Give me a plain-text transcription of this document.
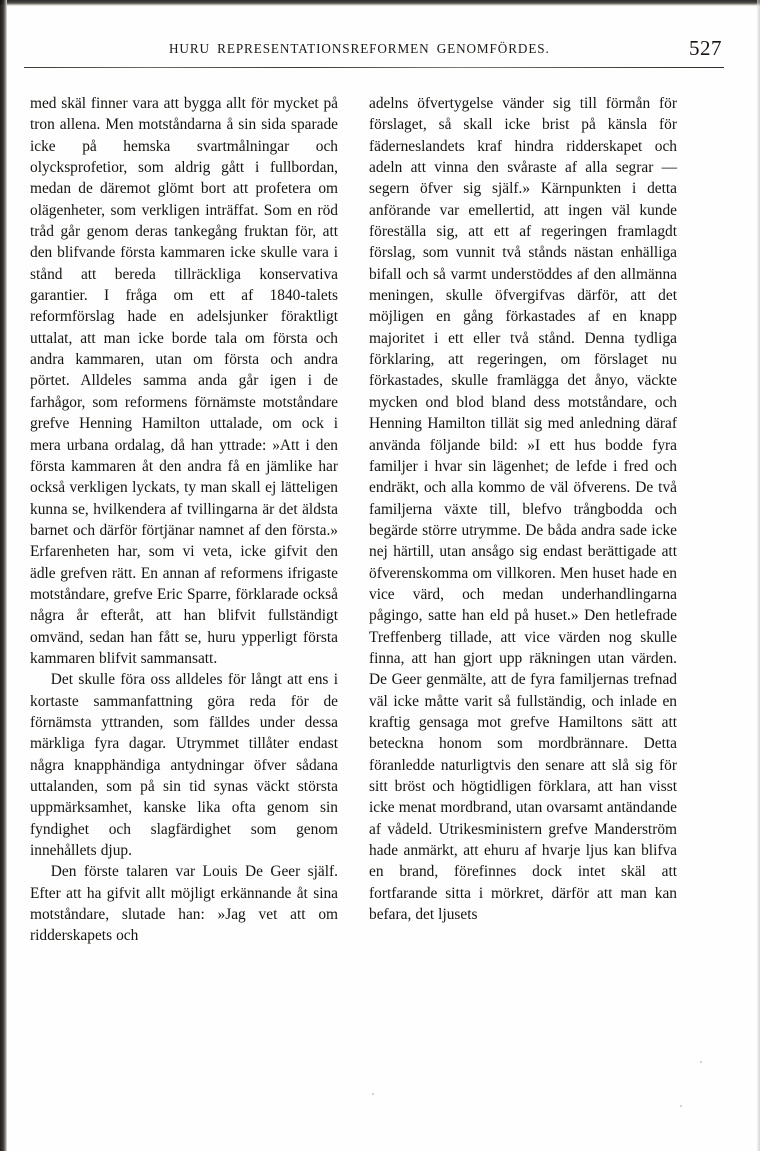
HURU REPRESENTATIONSREFORMEN GENOMFÖRDES.	527

med skäl finner vara att bygga allt för mycket på tron allena. Men motståndarna å sin sida sparade icke på hemska svartmålningar och olycksprofetior, som aldrig gått i fullbordan, medan de däremot glömt bort att profetera om olägenheter, som verkligen inträffat. Som en röd tråd går genom deras tankegång fruktan för, att den blifvande första kammaren icke skulle vara i stånd att bereda tillräckliga konservativa garantier. I fråga om ett af 1840-talets reformförslag hade en adelsjunker föraktligt uttalat, att man icke borde tala om första och andra kammaren, utan om första och andra pörtet. Alldeles samma anda går igen i de farhågor, som reformens förnämste motståndare grefve Henning Hamilton uttalade, om ock i mera urbana ordalag, då han yttrade: »Att i den första kammaren åt den andra få en jämlike har också verkligen lyckats, ty man skall ej lätteligen kunna se, hvilkendera af tvillingarna är det äldsta barnet och därför förtjänar namnet af den första.» Erfarenheten har, som vi veta, icke gifvit den ädle grefven rätt. En annan af reformens ifrigaste motståndare, grefve Eric Sparre, förklarade också några år efteråt, att han blifvit fullständigt omvänd, sedan han fått se, huru ypperligt första kammaren blifvit sammansatt.

Det skulle föra oss alldeles för långt att ens i kortaste sammanfattning göra reda för de förnämsta yttranden, som fälldes under dessa märkliga fyra dagar. Utrymmet tillåter endast några knapphändiga antydningar öfver sådana uttalanden, som på sin tid synas väckt största uppmärksamhet, kanske lika ofta genom sin fyndighet och slagfärdighet som genom innehållets djup.

Den förste talaren var Louis De Geer själf. Efter att ha gifvit allt möjligt erkännande åt sina motståndare, slutade han: »Jag vet att om ridderskapets och

adelns öfvertygelse vänder sig till förmån för förslaget, så skall icke brist på känsla för fäderneslandets kraf hindra ridderskapet och adeln att vinna den svåraste af alla segrar — segern öfver sig själf.» Kärnpunkten i detta anförande var emellertid, att ingen väl kunde föreställa sig, att ett af regeringen framlagdt förslag, som vunnit två stånds nästan enhälliga bifall och så varmt understöddes af den allmänna meningen, skulle öfvergifvas därför, att det möjligen en gång förkastades af en knapp majoritet i ett eller två stånd. Denna tydliga förklaring, att regeringen, om förslaget nu förkastades, skulle framlägga det ånyo, väckte mycken ond blod bland dess motståndare, och Henning Hamilton tillät sig med anledning däraf använda följande bild: »I ett hus bodde fyra familjer i hvar sin lägenhet; de lefde i fred och endräkt, och alla kommo de väl öfverens. De två familjerna växte till, blefvo trångbodda och begärde större utrymme. De båda andra sade icke nej härtill, utan ansågo sig endast berättigade att öfverenskomma om villkoren. Men huset hade en vice värd, och medan underhandlingarna pågingo, satte han eld på huset.» Den hetlefrade Treffenberg tillade, att vice värden nog skulle finna, att han gjort upp räkningen utan värden. De Geer genmälte, att de fyra familjernas trefnad väl icke måtte varit så fullständig, och inlade en kraftig gensaga mot grefve Hamiltons sätt att beteckna honom som mordbrännare. Detta föranledde naturligtvis den senare att slå sig för sitt bröst och högtidligen förklara, att han visst icke menat mordbrand, utan ovarsamt antändande af vådeld. Utrikesministern grefve Manderström hade anmärkt, att ehuru af hvarje ljus kan blifva en brand, förefinnes dock intet skäl att fortfarande sitta i mörkret, därför att man kan befara, det ljusets
